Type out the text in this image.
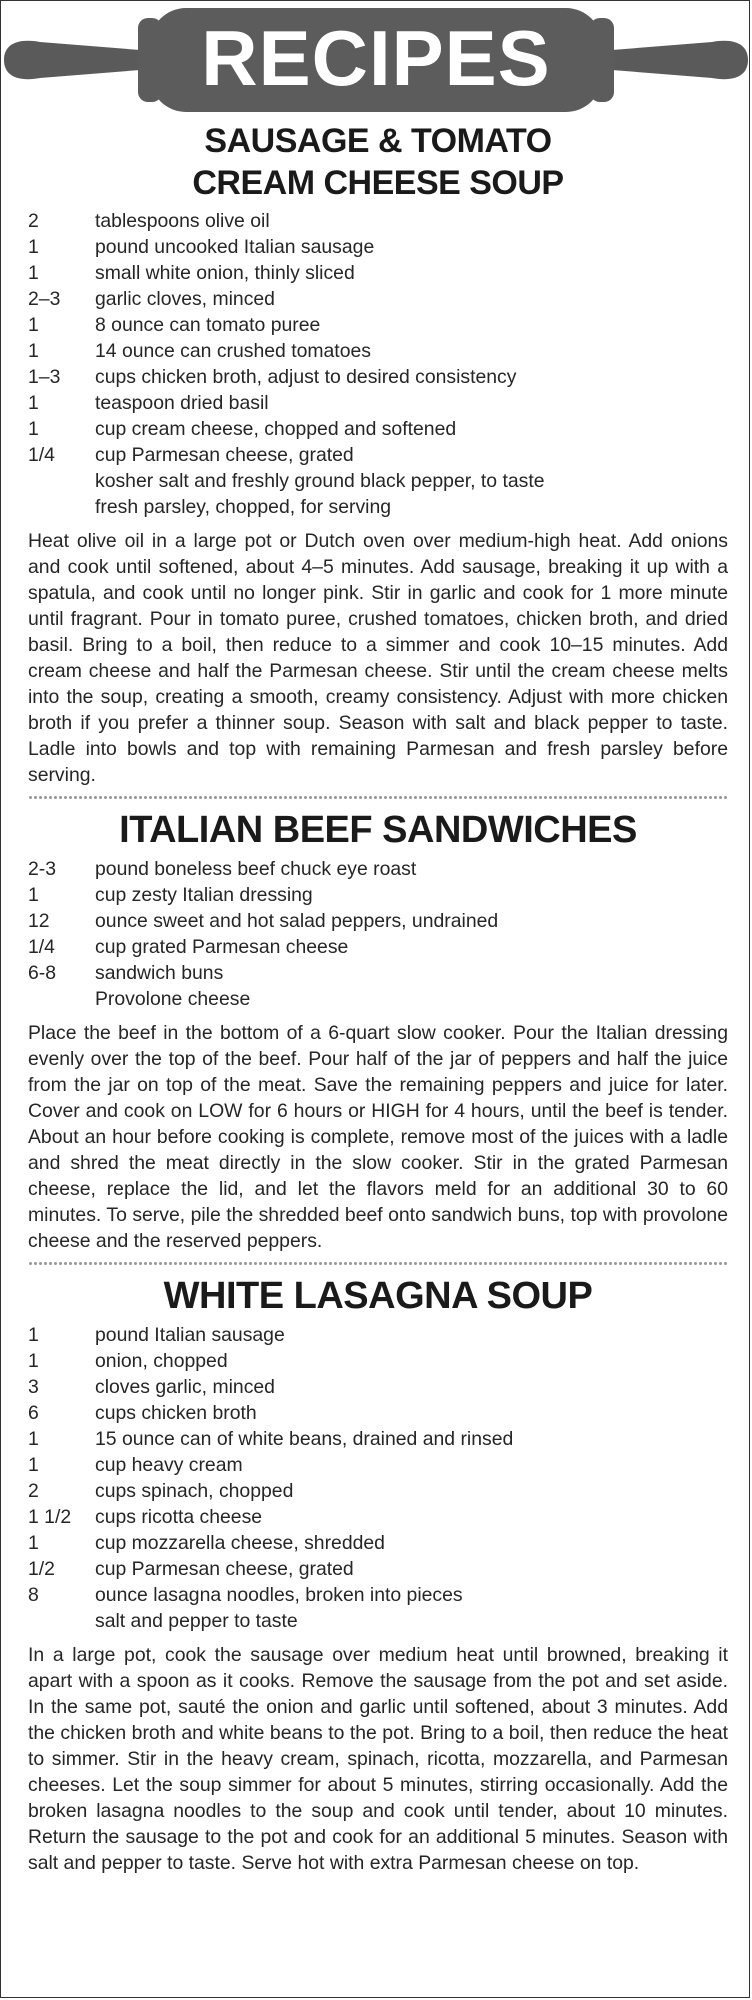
RECIPES
SAUSAGE & TOMATO
CREAM CHEESE SOUP
2	tablespoons olive oil
1	pound uncooked Italian sausage
1	small white onion, thinly sliced
2–3	garlic cloves, minced
1	8 ounce can tomato puree
1	14 ounce can crushed tomatoes
1–3	cups chicken broth, adjust to desired consistency
1	teaspoon dried basil
1	cup cream cheese, chopped and softened
1/4	cup Parmesan cheese, grated
kosher salt and freshly ground black pepper, to taste
fresh parsley, chopped, for serving

Heat olive oil in a large pot or Dutch oven over medium-high heat. Add onions and cook until softened, about 4–5 minutes. Add sausage, breaking it up with a spatula, and cook until no longer pink. Stir in garlic and cook for 1 more minute until fragrant. Pour in tomato puree, crushed tomatoes, chicken broth, and dried basil. Bring to a boil, then reduce to a simmer and cook 10–15 minutes. Add cream cheese and half the Parmesan cheese. Stir until the cream cheese melts into the soup, creating a smooth, creamy consistency. Adjust with more chicken broth if you prefer a thinner soup. Season with salt and black pepper to taste. Ladle into bowls and top with remaining Parmesan and fresh parsley before serving.

ITALIAN BEEF SANDWICHES
2-3	pound boneless beef chuck eye roast
1	cup zesty Italian dressing
12	ounce sweet and hot salad peppers, undrained
1/4	cup grated Parmesan cheese
6-8	sandwich buns
Provolone cheese

Place the beef in the bottom of a 6-quart slow cooker. Pour the Italian dressing evenly over the top of the beef. Pour half of the jar of peppers and half the juice from the jar on top of the meat. Save the remaining peppers and juice for later. Cover and cook on LOW for 6 hours or HIGH for 4 hours, until the beef is tender. About an hour before cooking is complete, remove most of the juices with a ladle and shred the meat directly in the slow cooker. Stir in the grated Parmesan cheese, replace the lid, and let the flavors meld for an additional 30 to 60 minutes. To serve, pile the shredded beef onto sandwich buns, top with provolone cheese and the reserved peppers.

WHITE LASAGNA SOUP
1	pound Italian sausage
1	onion, chopped
3	cloves garlic, minced
6	cups chicken broth
1	15 ounce can of white beans, drained and rinsed
1	cup heavy cream
2	cups spinach, chopped
1 1/2	cups ricotta cheese
1	cup mozzarella cheese, shredded
1/2	cup Parmesan cheese, grated
8	ounce lasagna noodles, broken into pieces
salt and pepper to taste

In a large pot, cook the sausage over medium heat until browned, breaking it apart with a spoon as it cooks. Remove the sausage from the pot and set aside. In the same pot, sauté the onion and garlic until softened, about 3 minutes. Add the chicken broth and white beans to the pot. Bring to a boil, then reduce the heat to simmer. Stir in the heavy cream, spinach, ricotta, mozzarella, and Parmesan cheeses. Let the soup simmer for about 5 minutes, stirring occasionally. Add the broken lasagna noodles to the soup and cook until tender, about 10 minutes. Return the sausage to the pot and cook for an additional 5 minutes. Season with salt and pepper to taste. Serve hot with extra Parmesan cheese on top.
